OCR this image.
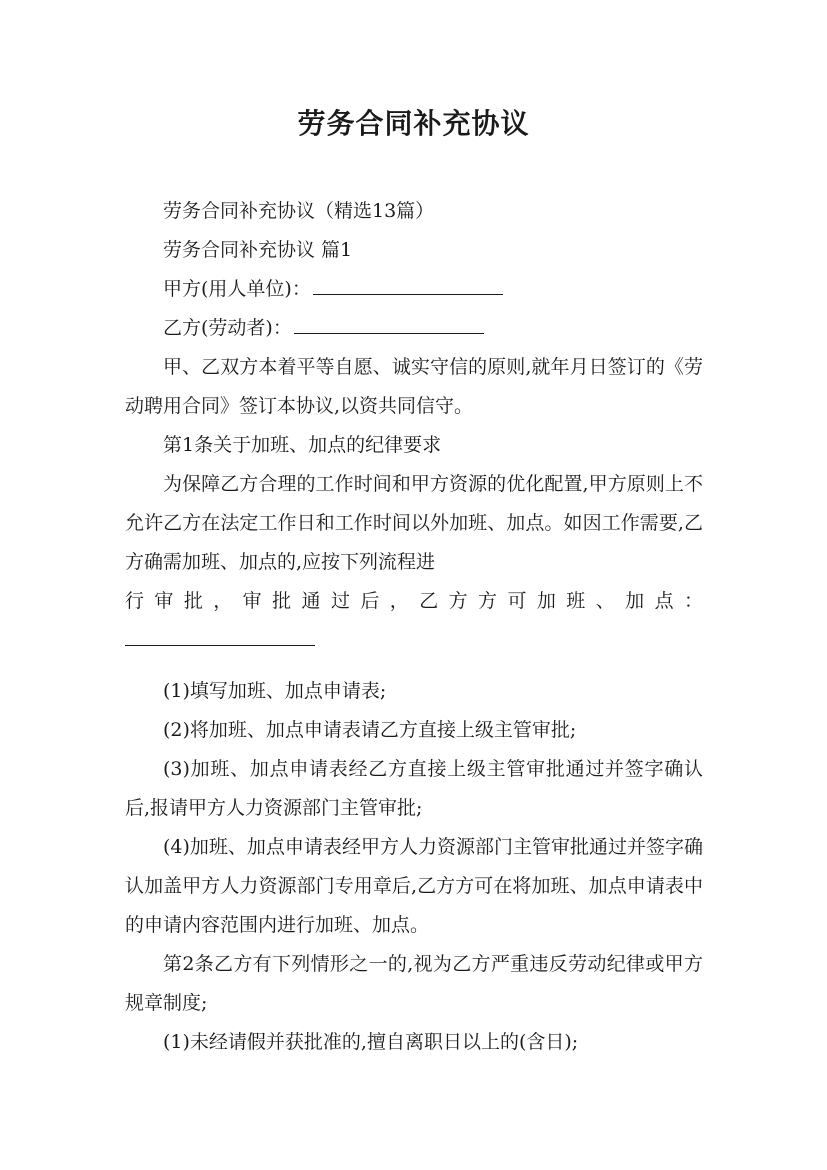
劳务合同补充协议

劳务合同补充协议（精选13篇）

劳务合同补充协议 篇1

甲方(用人单位)：

乙方(劳动者)：

甲、乙双方本着平等自愿、诚实守信的原则,就年月日签订的《劳动聘用合同》签订本协议,以资共同信守。

第1条关于加班、加点的纪律要求

为保障乙方合理的工作时间和甲方资源的优化配置,甲方原则上不允许乙方在法定工作日和工作时间以外加班、加点。如因工作需要,乙方确需加班、加点的,应按下列流程进

行审批，审批通过后，乙方方可加班、加点：

(1)填写加班、加点申请表;

(2)将加班、加点申请表请乙方直接上级主管审批;

(3)加班、加点申请表经乙方直接上级主管审批通过并签字确认后,报请甲方人力资源部门主管审批;

(4)加班、加点申请表经甲方人力资源部门主管审批通过并签字确认加盖甲方人力资源部门专用章后,乙方方可在将加班、加点申请表中的申请内容范围内进行加班、加点。

第2条乙方有下列情形之一的,视为乙方严重违反劳动纪律或甲方规章制度;

(1)未经请假并获批准的,擅自离职日以上的(含日);
